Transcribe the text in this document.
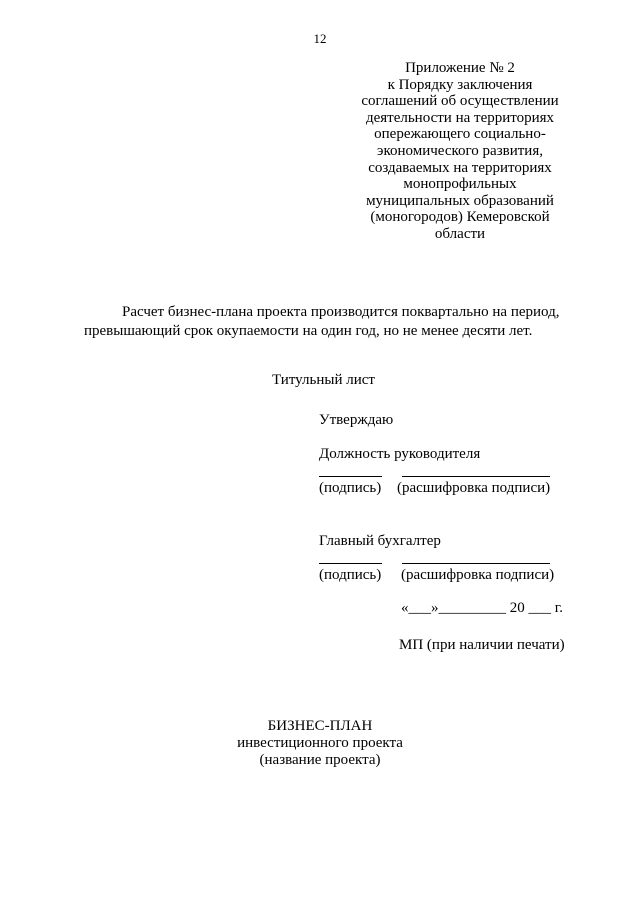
12
Приложение № 2
к Порядку заключения
соглашений об осуществлении
деятельности на территориях
опережающего социально-
экономического развития,
создаваемых на территориях
монопрофильных
муниципальных образований
(моногородов) Кемеровской
области
Расчет бизнес-плана проекта производится поквартально на период,
превышающий срок окупаемости на один год, но не менее десяти лет.
Титульный лист
Утверждаю
Должность руководителя
(подпись) (расшифровка подписи)
Главный бухгалтер
(подпись) (расшифровка подписи)
«___»_________ 20 ___ г.
МП (при наличии печати)
БИЗНЕС-ПЛАН
инвестиционного проекта
(название проекта)
